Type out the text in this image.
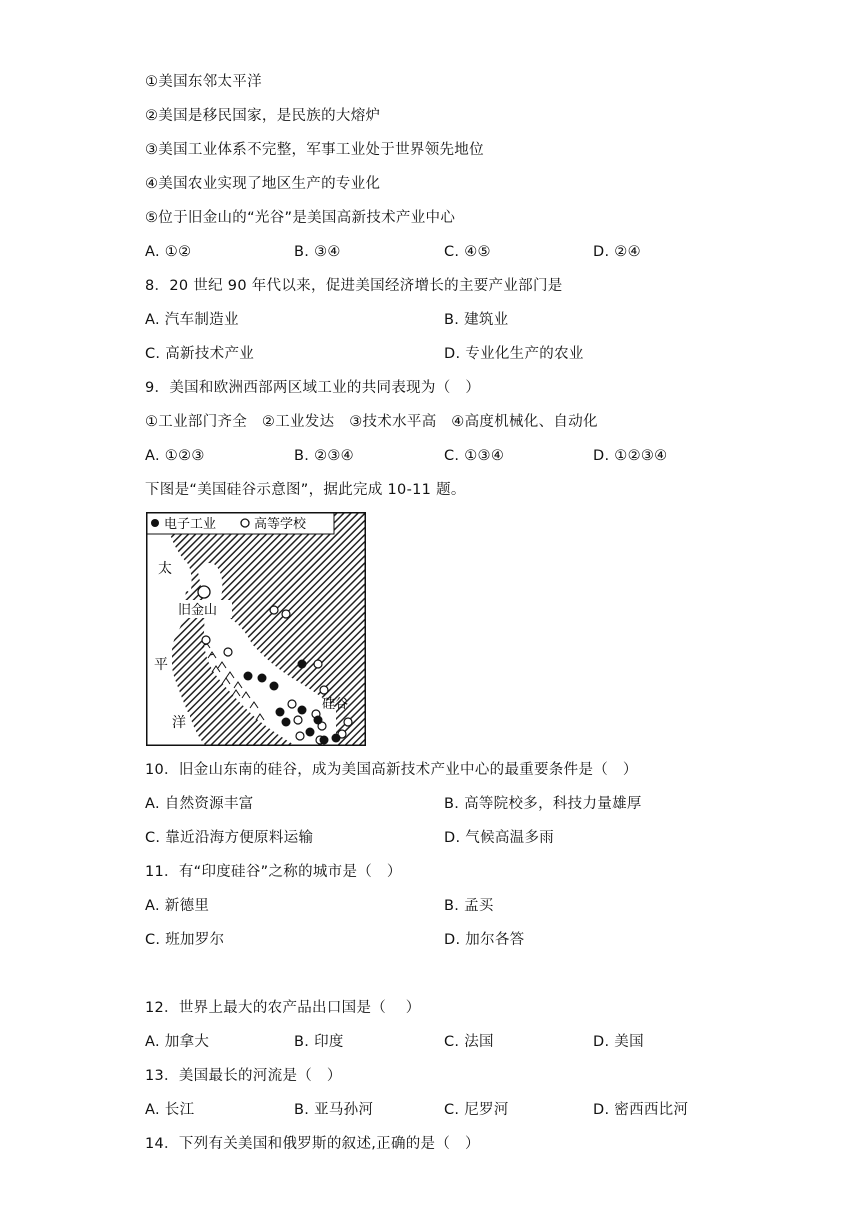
①美国东邻太平洋
②美国是移民国家，是民族的大熔炉
③美国工业体系不完整，军事工业处于世界领先地位
④美国农业实现了地区生产的专业化
⑤位于旧金山的“光谷”是美国高新技术产业中心
A. ①②	B. ③④	C. ④⑤	D. ②④
8．20 世纪 90 年代以来，促进美国经济增长的主要产业部门是
A. 汽车制造业	B. 建筑业
C. 高新技术产业	D. 专业化生产的农业
9．美国和欧洲西部两区域工业的共同表现为（　）
①工业部门齐全　②工业发达　③技术水平高　④高度机械化、自动化
A. ①②③	B. ②③④	C. ①③④	D. ①②③④
下图是“美国硅谷示意图”，据此完成 10-11 题。
电子工业	高等学校
太
平
洋
旧金山
硅谷
10．旧金山东南的硅谷，成为美国高新技术产业中心的最重要条件是（　）
A. 自然资源丰富	B. 高等院校多，科技力量雄厚
C. 靠近沿海方便原料运输	D. 气候高温多雨
11．有“印度硅谷”之称的城市是（　）
A. 新德里	B. 孟买
C. 班加罗尔	D. 加尔各答
12．世界上最大的农产品出口国是（　 ）
A. 加拿大	B. 印度	C. 法国	D. 美国
13．美国最长的河流是（　）
A. 长江	B. 亚马孙河	C. 尼罗河	D. 密西西比河
14．下列有关美国和俄罗斯的叙述,正确的是（　）
